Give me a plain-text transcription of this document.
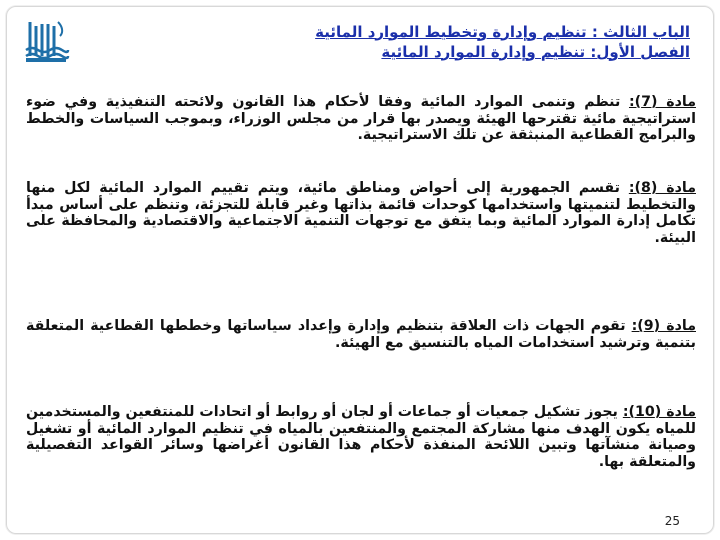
الباب الثالث : تنظيم وإدارة وتخطيط الموارد المائية
الفصل الأول: تنظيم وإدارة الموارد المائية
مادة (7): تنظم وتنمى الموارد المائية وفقا لأحكام هذا القانون ولائحته التنفيذية وفي ضوء استراتيجية مائية تقترحها الهيئة ويصدر بها قرار من مجلس الوزراء، وبموجب السياسات والخطط والبرامج القطاعية المنبثقة عن تلك الاستراتيجية.
مادة (8): تقسم الجمهورية إلى أحواض ومناطق مائية، ويتم تقييم الموارد المائية لكل منها والتخطيط لتنميتها واستخدامها كوحدات قائمة بذاتها وغير قابلة للتجزئة، وتنظم على أساس مبدأ تكامل إدارة الموارد المائية وبما يتفق مع توجهات التنمية الاجتماعية والاقتصادية والمحافظة على البيئة.
مادة (9): تقوم الجهات ذات العلاقة بتنظيم وإدارة وإعداد سياساتها وخططها القطاعية المتعلقة بتنمية وترشيد استخدامات المياه بالتنسيق مع الهيئة.
مادة (10): يجوز تشكيل جمعيات أو جماعات أو لجان أو روابط أو اتحادات للمنتفعين والمستخدمين للمياه يكون الهدف منها مشاركة المجتمع والمنتفعين بالمياه في تنظيم الموارد المائية أو تشغيل وصيانة منشآتها وتبين اللائحة المنفذة لأحكام هذا القانون أغراضها وسائر القواعد التفصيلية والمتعلقة بها.
25
